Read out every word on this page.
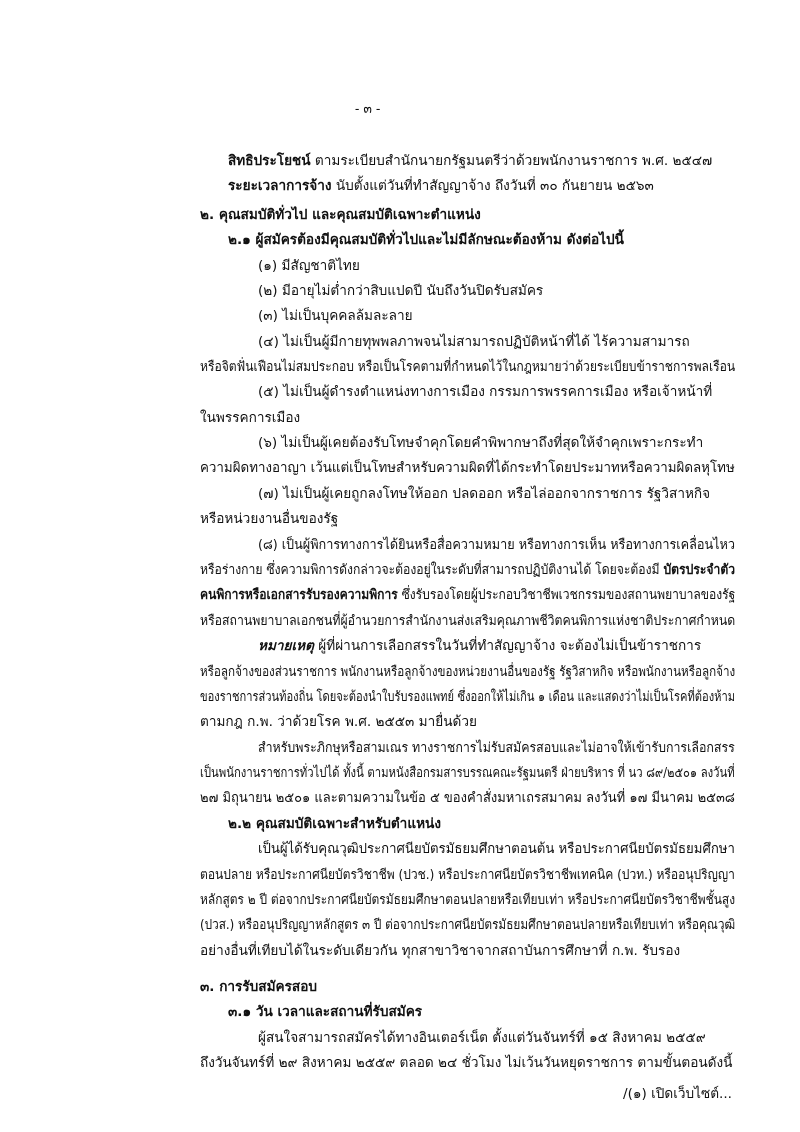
- ๓ -
สิทธิประโยชน์ ตามระเบียบสำนักนายกรัฐมนตรีว่าด้วยพนักงานราชการ พ.ศ. ๒๕๔๗
ระยะเวลาการจ้าง นับตั้งแต่วันที่ทำสัญญาจ้าง ถึงวันที่ ๓๐ กันยายน ๒๕๖๓
๒. คุณสมบัติทั่วไป และคุณสมบัติเฉพาะตำแหน่ง
๒.๑ ผู้สมัครต้องมีคุณสมบัติทั่วไปและไม่มีลักษณะต้องห้าม ดังต่อไปนี้
(๑) มีสัญชาติไทย
(๒) มีอายุไม่ต่ำกว่าสิบแปดปี นับถึงวันปิดรับสมัคร
(๓) ไม่เป็นบุคคลล้มละลาย
(๔) ไม่เป็นผู้มีกายทุพพลภาพจนไม่สามารถปฏิบัติหน้าที่ได้ ไร้ความสามารถ
หรือจิตฟั่นเฟือนไม่สมประกอบ หรือเป็นโรคตามที่กำหนดไว้ในกฎหมายว่าด้วยระเบียบข้าราชการพลเรือน
(๕) ไม่เป็นผู้ดำรงตำแหน่งทางการเมือง กรรมการพรรคการเมือง หรือเจ้าหน้าที่
ในพรรคการเมือง
(๖) ไม่เป็นผู้เคยต้องรับโทษจำคุกโดยคำพิพากษาถึงที่สุดให้จำคุกเพราะกระทำ
ความผิดทางอาญา เว้นแต่เป็นโทษสำหรับความผิดที่ได้กระทำโดยประมาทหรือความผิดลหุโทษ
(๗) ไม่เป็นผู้เคยถูกลงโทษให้ออก ปลดออก หรือไล่ออกจากราชการ รัฐวิสาหกิจ
หรือหน่วยงานอื่นของรัฐ
(๘) เป็นผู้พิการทางการได้ยินหรือสื่อความหมาย หรือทางการเห็น หรือทางการเคลื่อนไหว
หรือร่างกาย ซึ่งความพิการดังกล่าวจะต้องอยู่ในระดับที่สามารถปฏิบัติงานได้ โดยจะต้องมี บัตรประจำตัว
คนพิการหรือเอกสารรับรองความพิการ ซึ่งรับรองโดยผู้ประกอบวิชาชีพเวชกรรมของสถานพยาบาลของรัฐ
หรือสถานพยาบาลเอกชนที่ผู้อำนวยการสำนักงานส่งเสริมคุณภาพชีวิตคนพิการแห่งชาติประกาศกำหนด
หมายเหตุ ผู้ที่ผ่านการเลือกสรรในวันที่ทำสัญญาจ้าง จะต้องไม่เป็นข้าราชการ
หรือลูกจ้างของส่วนราชการ พนักงานหรือลูกจ้างของหน่วยงานอื่นของรัฐ รัฐวิสาหกิจ หรือพนักงานหรือลูกจ้าง
ของราชการส่วนท้องถิ่น โดยจะต้องนำใบรับรองแพทย์ ซึ่งออกให้ไม่เกิน ๑ เดือน และแสดงว่าไม่เป็นโรคที่ต้องห้าม
ตามกฎ ก.พ. ว่าด้วยโรค พ.ศ. ๒๕๕๓ มายื่นด้วย
สำหรับพระภิกษุหรือสามเณร ทางราชการไม่รับสมัครสอบและไม่อาจให้เข้ารับการเลือกสรร
เป็นพนักงานราชการทั่วไปได้ ทั้งนี้ ตามหนังสือกรมสารบรรณคณะรัฐมนตรี ฝ่ายบริหาร ที่ นว ๘๙/๒๕๐๑ ลงวันที่
๒๗ มิถุนายน ๒๕๐๑ และตามความในข้อ ๕ ของคำสั่งมหาเถรสมาคม ลงวันที่ ๑๗ มีนาคม ๒๕๓๘
๒.๒ คุณสมบัติเฉพาะสำหรับตำแหน่ง
เป็นผู้ได้รับคุณวุฒิประกาศนียบัตรมัธยมศึกษาตอนต้น หรือประกาศนียบัตรมัธยมศึกษา
ตอนปลาย หรือประกาศนียบัตรวิชาชีพ (ปวช.) หรือประกาศนียบัตรวิชาชีพเทคนิค (ปวท.) หรืออนุปริญญา
หลักสูตร ๒ ปี ต่อจากประกาศนียบัตรมัธยมศึกษาตอนปลายหรือเทียบเท่า หรือประกาศนียบัตรวิชาชีพชั้นสูง
(ปวส.) หรืออนุปริญญาหลักสูตร ๓ ปี ต่อจากประกาศนียบัตรมัธยมศึกษาตอนปลายหรือเทียบเท่า หรือคุณวุฒิ
อย่างอื่นที่เทียบได้ในระดับเดียวกัน ทุกสาขาวิชาจากสถาบันการศึกษาที่ ก.พ. รับรอง
๓. การรับสมัครสอบ
๓.๑ วัน เวลาและสถานที่รับสมัคร
ผู้สนใจสามารถสมัครได้ทางอินเตอร์เน็ต ตั้งแต่วันจันทร์ที่ ๑๕ สิงหาคม ๒๕๕๙
ถึงวันจันทร์ที่ ๒๙ สิงหาคม ๒๕๕๙ ตลอด ๒๔ ชั่วโมง ไม่เว้นวันหยุดราชการ ตามขั้นตอนดังนี้
/(๑) เปิดเว็บไซต์...
